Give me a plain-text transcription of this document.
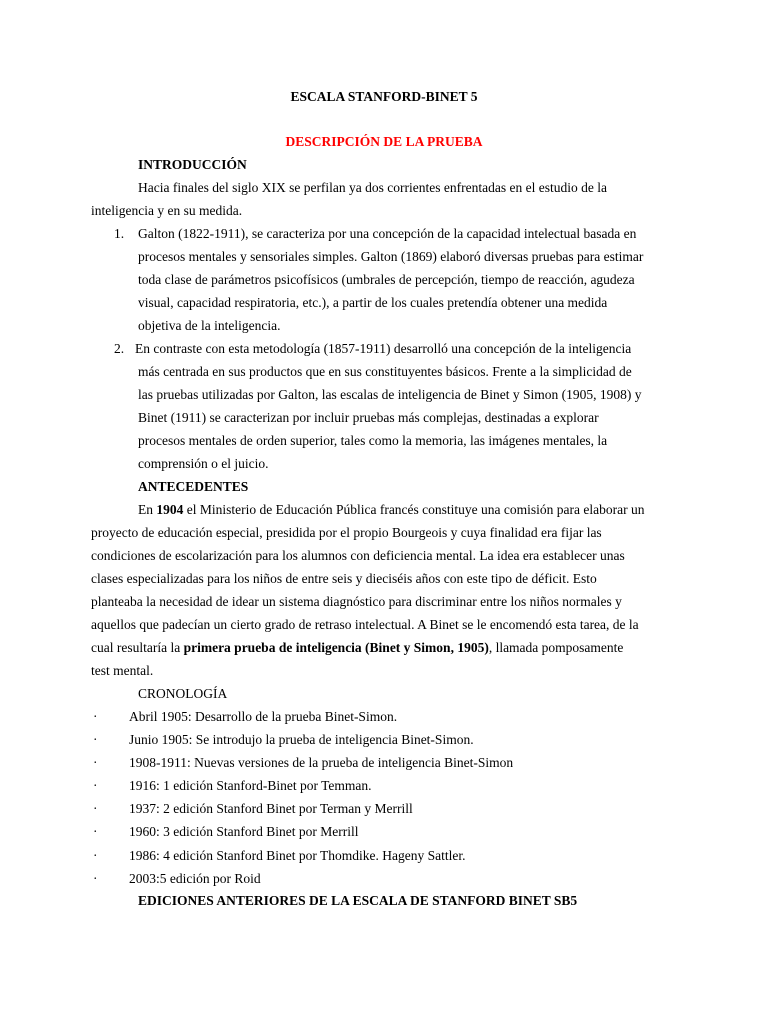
ESCALA STANFORD-BINET 5
DESCRIPCIÓN DE LA PRUEBA
INTRODUCCIÓN
Hacia finales del siglo XIX se perfilan ya dos corrientes enfrentadas en el estudio de la
inteligencia y en su medida.
1. Galton (1822-1911), se caracteriza por una concepción de la capacidad intelectual basada en
procesos mentales y sensoriales simples. Galton (1869) elaboró diversas pruebas para estimar
toda clase de parámetros psicofísicos (umbrales de percepción, tiempo de reacción, agudeza
visual, capacidad respiratoria, etc.), a partir de los cuales pretendía obtener una medida
objetiva de la inteligencia.
2. En contraste con esta metodología (1857-1911) desarrolló una concepción de la inteligencia
más centrada en sus productos que en sus constituyentes básicos. Frente a la simplicidad de
las pruebas utilizadas por Galton, las escalas de inteligencia de Binet y Simon (1905, 1908) y
Binet (1911) se caracterizan por incluir pruebas más complejas, destinadas a explorar
procesos mentales de orden superior, tales como la memoria, las imágenes mentales, la
comprensión o el juicio.
ANTECEDENTES
En 1904 el Ministerio de Educación Pública francés constituye una comisión para elaborar un
proyecto de educación especial, presidida por el propio Bourgeois y cuya finalidad era fijar las
condiciones de escolarización para los alumnos con deficiencia mental. La idea era establecer unas
clases especializadas para los niños de entre seis y dieciséis años con este tipo de déficit. Esto
planteaba la necesidad de idear un sistema diagnóstico para discriminar entre los niños normales y
aquellos que padecían un cierto grado de retraso intelectual. A Binet se le encomendó esta tarea, de la
cual resultaría la primera prueba de inteligencia (Binet y Simon, 1905), llamada pomposamente
test mental.
CRONOLOGÍA
· Abril 1905: Desarrollo de la prueba Binet-Simon.
· Junio 1905: Se introdujo la prueba de inteligencia Binet-Simon.
· 1908-1911: Nuevas versiones de la prueba de inteligencia Binet-Simon
· 1916: 1 edición Stanford-Binet por Temman.
· 1937: 2 edición Stanford Binet por Terman y Merrill
· 1960: 3 edición Stanford Binet por Merrill
· 1986: 4 edición Stanford Binet por Thomdike. Hageny Sattler.
· 2003:5 edición por Roid
EDICIONES ANTERIORES DE LA ESCALA DE STANFORD BINET SB5
